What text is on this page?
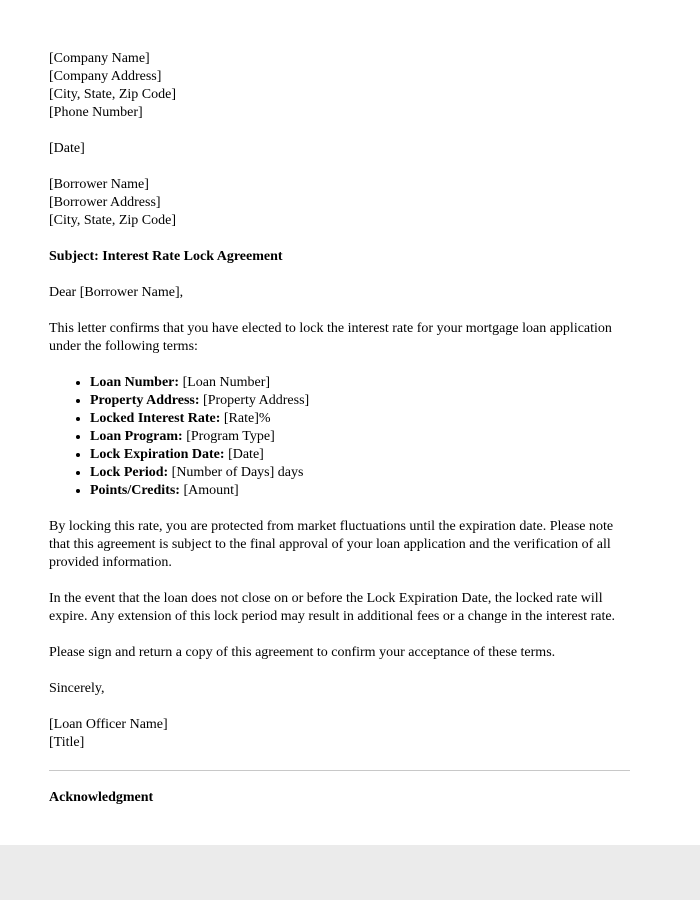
[Company Name]
[Company Address]
[City, State, Zip Code]
[Phone Number]

[Date]

[Borrower Name]
[Borrower Address]
[City, State, Zip Code]

Subject: Interest Rate Lock Agreement

Dear [Borrower Name],

This letter confirms that you have elected to lock the interest rate for your mortgage loan application under the following terms:

• Loan Number: [Loan Number]
• Property Address: [Property Address]
• Locked Interest Rate: [Rate]%
• Loan Program: [Program Type]
• Lock Expiration Date: [Date]
• Lock Period: [Number of Days] days
• Points/Credits: [Amount]

By locking this rate, you are protected from market fluctuations until the expiration date. Please note that this agreement is subject to the final approval of your loan application and the verification of all provided information.

In the event that the loan does not close on or before the Lock Expiration Date, the locked rate will expire. Any extension of this lock period may result in additional fees or a change in the interest rate.

Please sign and return a copy of this agreement to confirm your acceptance of these terms.

Sincerely,

[Loan Officer Name]
[Title]

Acknowledgment
